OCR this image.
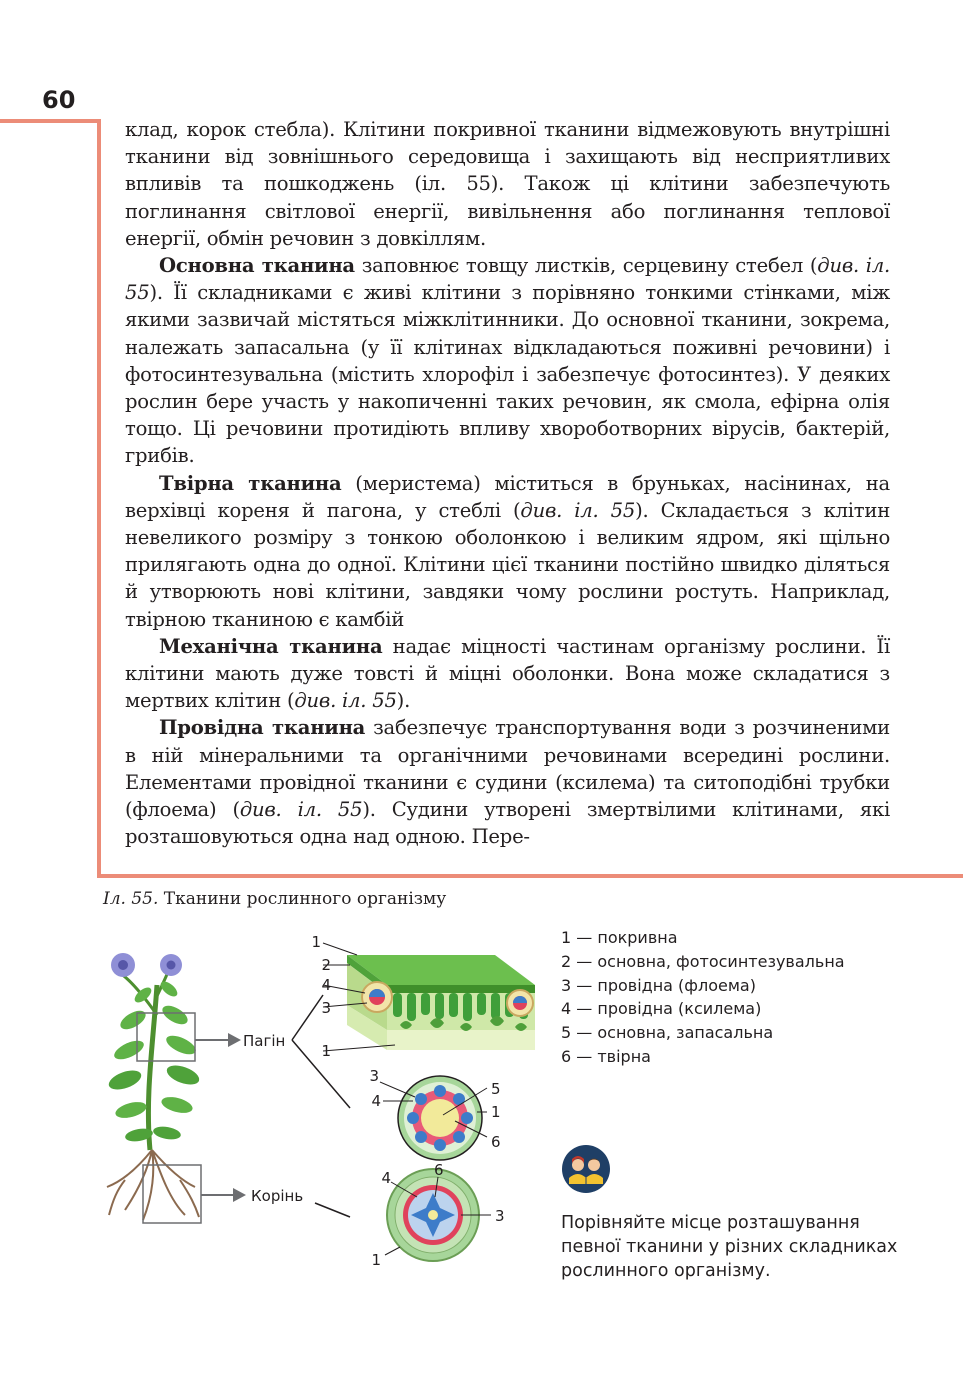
60

клад, корок стебла). Клітини покривної тканини відмежовують внутрішні тканини від зовнішнього середовища і захищають від несприятливих впливів та пошкоджень (іл. 55). Також ці клітини забезпечують поглинання світлової енергії, вивільнення або поглинання теплової енергії, обмін речовин з довкіллям.

Основна тканина заповнює товщу листків, серцевину стебел (див. іл. 55). Її складниками є живі клітини з порівняно тонкими стінками, між якими зазвичай містяться міжклітинники. До основної тканини, зокрема, належать запасальна (у її клітинах відкладаються поживні речовини) і фотосинтезувальна (містить хлорофіл і забезпечує фотосинтез). У деяких рослин бере участь у накопиченні таких речовин, як смола, ефірна олія тощо. Ці речовини протидіють впливу хвороботворних вірусів, бактерій, грибів.

Твірна тканина (меристема) міститься в бруньках, насінинах, на верхівці кореня й пагона, у стеблі (див. іл. 55). Складається з клітин невеликого розміру з тонкою оболонкою і великим ядром, які щільно прилягають одна до одної. Клітини цієї тканини постійно швидко діляться й утворюють нові клітини, завдяки чому рослини ростуть. Наприклад, твірною тканиною є камбій

Механічна тканина надає міцності частинам організму рослини. Її клітини мають дуже товсті й міцні оболонки. Вона може складатися з мертвих клітин (див. іл. 55).

Провідна тканина забезпечує транспортування води з розчиненими в ній мінеральними та органічними речовинами всередині рослини. Елементами провідної тканини є судини (ксилема) та ситоподібні трубки (флоема) (див. іл. 55). Судини утворені змертвілими клітинами, які розташовуються одна над одною. Пере-

Іл. 55. Тканини рослинного організму
Пагін
Корінь
1
2
4
3
1
3
4
5
1
6
6
4
3
1
1 — покривна
2 — основна, фотосинтезувальна
3 — провідна (флоема)
4 — провідна (ксилема)
5 — основна, запасальна
6 — твірна
Порівняйте місце розташування певної тканини у різних складниках рослинного організму.
